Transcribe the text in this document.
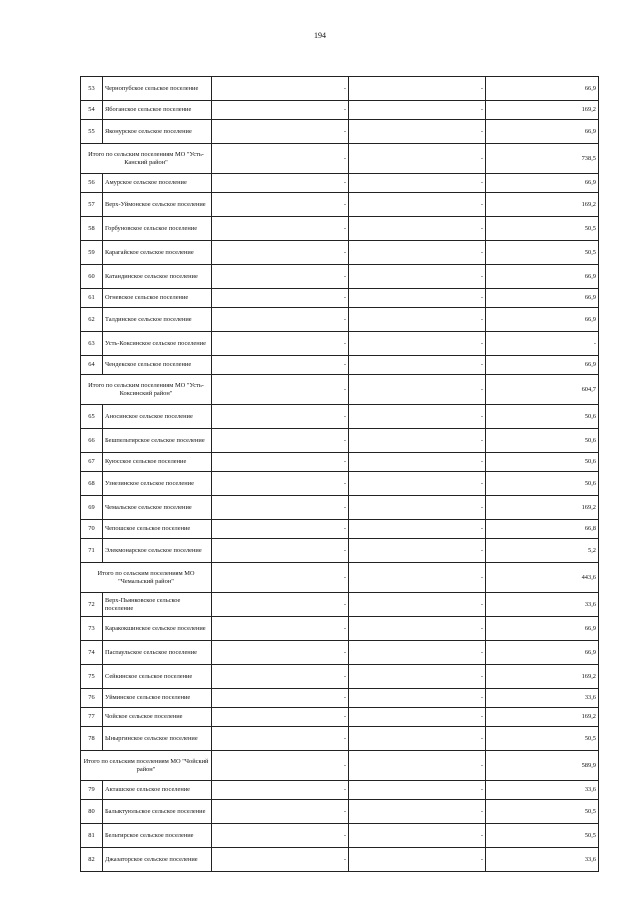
194
53	Чернопубское сельское поселение	-	-	66,9
54	Ябоганское сельское поселение	-	-	169,2
55	Яконурское сельское поселение	-	-	66,9
Итого по сельским поселениям МО "Усть-Канский район"		-	-	738,5
56	Амурское сельское поселение	-	-	66,9
57	Верх-Уймонское сельское поселение	-	-	169,2
58	Горбуновское сельское поселение	-	-	50,5
59	Карагайское сельское поселение	-	-	50,5
60	Катандинское сельское поселение	-	-	66,9
61	Огневское сельское поселение	-	-	66,9
62	Талдинское сельское поселение	-	-	66,9
63	Усть-Коксинское сельское поселение	-	-	-
64	Чендекское сельское поселение	-	-	66,9
Итого по сельским поселениям МО "Усть-Коксинский район"		-	-	604,7
65	Аносинское сельское поселение	-	-	50,6
66	Бешпельтирское сельское поселение	-	-	50,6
67	Куюсское сельское поселение	-	-	50,6
68	Узнезинское сельское поселение	-	-	50,6
69	Чемальское сельское поселение	-	-	169,2
70	Чепошское сельское поселение	-	-	66,8
71	Элекмонарское сельское поселение	-	-	5,2
Итого по сельским поселениям МО "Чемальский район"		-	-	443,6
72	Верх-Пьянковское сельское поселение	-	-	33,6
73	Каракокшинское сельское поселение	-	-	66,9
74	Паспаульское сельское поселение	-	-	66,9
75	Сейкинское сельское поселение	-	-	169,2
76	Уйминское сельское поселение	-	-	33,6
77	Чойское сельское поселение	-	-	169,2
78	Ыныргинское сельское поселение	-	-	50,5
Итого по сельским поселениям МО "Чойский район"		-	-	589,9
79	Акташское сельское поселение	-	-	33,6
80	Балыктуюльское сельское поселение	-	-	50,5
81	Бельтирское сельское поселение	-	-	50,5
82	Джазаторское сельское поселение	-	-	33,6
